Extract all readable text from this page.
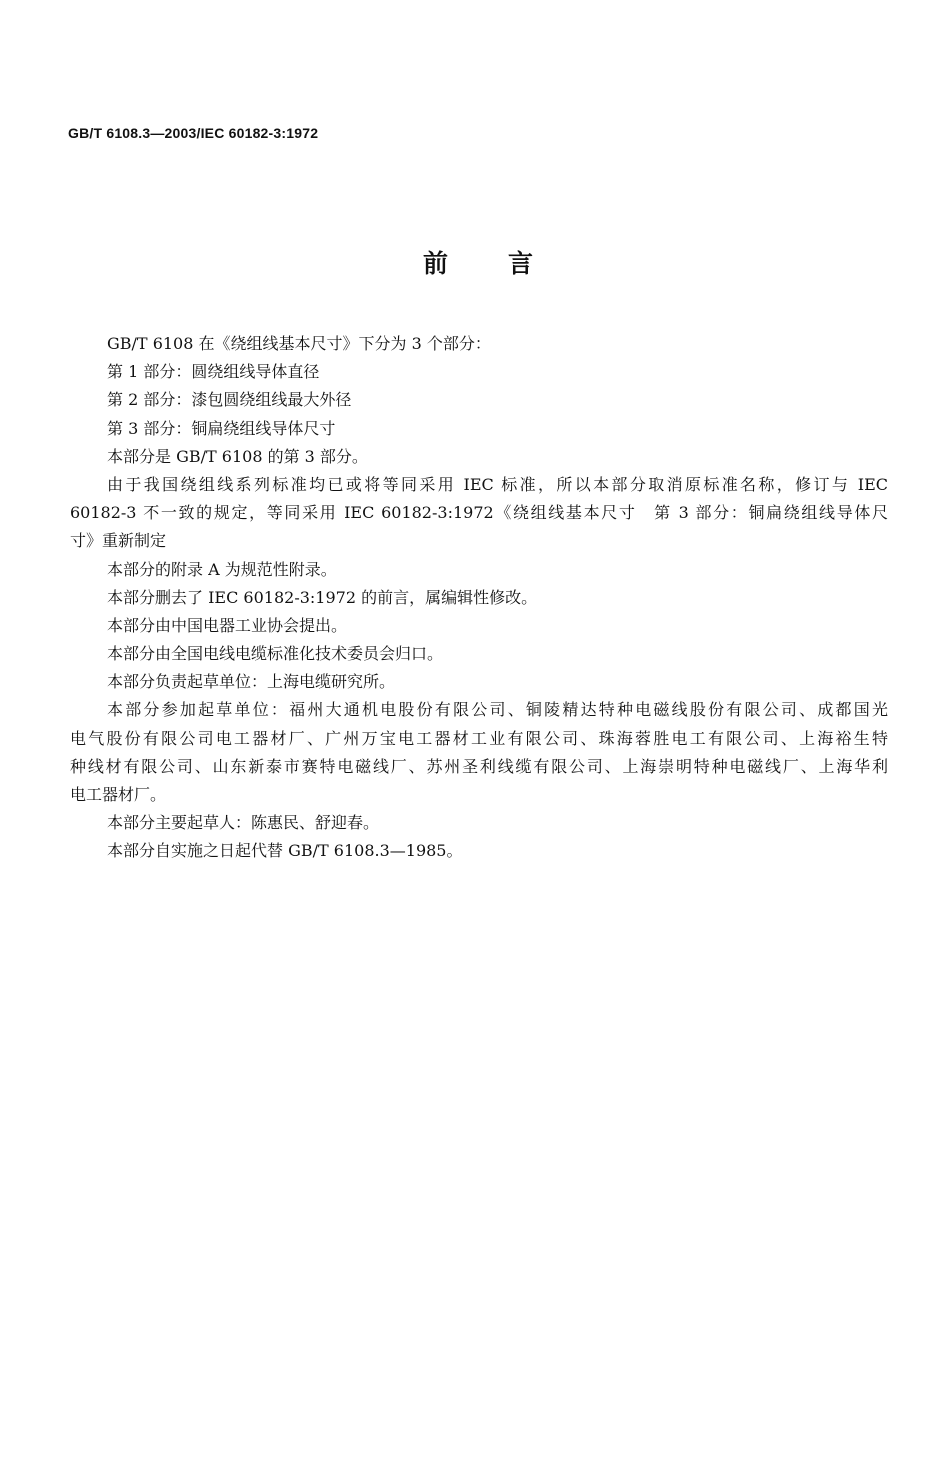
GB/T 6108.3—2003/IEC 60182-3:1972
前言
GB/T 6108 在《绕组线基本尺寸》下分为 3 个部分：
第 1 部分：圆绕组线导体直径
第 2 部分：漆包圆绕组线最大外径
第 3 部分：铜扁绕组线导体尺寸
本部分是 GB/T 6108 的第 3 部分。
由于我国绕组线系列标准均已或将等同采用 IEC 标准，所以本部分取消原标准名称，修订与 IEC
60182-3 不一致的规定，等同采用 IEC 60182-3:1972《绕组线基本尺寸　第 3 部分：铜扁绕组线导体尺
寸》重新制定
本部分的附录 A 为规范性附录。
本部分删去了 IEC 60182-3:1972 的前言，属编辑性修改。
本部分由中国电器工业协会提出。
本部分由全国电线电缆标准化技术委员会归口。
本部分负责起草单位：上海电缆研究所。
本部分参加起草单位：福州大通机电股份有限公司、铜陵精达特种电磁线股份有限公司、成都国光
电气股份有限公司电工器材厂、广州万宝电工器材工业有限公司、珠海蓉胜电工有限公司、上海裕生特
种线材有限公司、山东新泰市赛特电磁线厂、苏州圣利线缆有限公司、上海崇明特种电磁线厂、上海华利
电工器材厂。
本部分主要起草人：陈惠民、舒迎春。
本部分自实施之日起代替 GB/T 6108.3—1985。
